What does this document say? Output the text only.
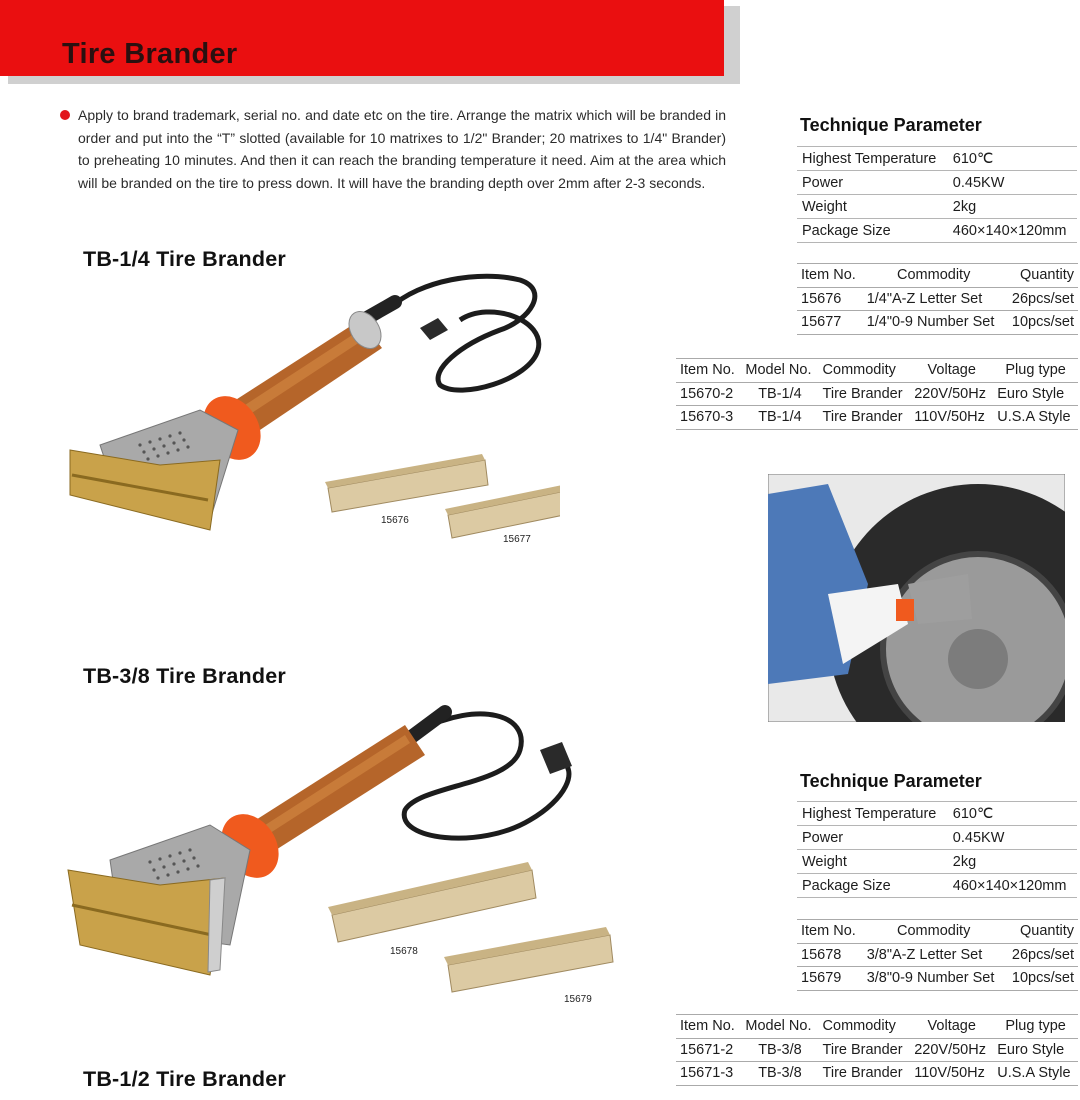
Tire Brander
Apply to brand trademark, serial no. and date etc on the tire. Arrange the matrix which will be branded in order and put into the “T” slotted (available for 10 matrixes to 1/2" Brander; 20 matrixes to 1/4" Brander) to preheating 10 minutes. And then it can reach the branding temperature it need. Aim at the area which will be branded on the tire to press down. It will have the branding depth over 2mm after 2-3 seconds.
TB-1/4 Tire Brander
TB-3/8 Tire Brander
TB-1/2 Tire Brander
Technique Parameter
Highest Temperature	610℃
Power	0.45KW
Weight	2kg
Package Size	460×140×120mm
Item No.	Commodity	Quantity
15676	1/4"A-Z Letter Set	26pcs/set
15677	1/4"0-9 Number Set	10pcs/set
Item No.	Model No.	Commodity	Voltage	Plug type
15670-2	TB-1/4	Tire Brander	220V/50Hz	Euro Style
15670-3	TB-1/4	Tire Brander	110V/50Hz	U.S.A Style
Technique Parameter
Highest Temperature	610℃
Power	0.45KW
Weight	2kg
Package Size	460×140×120mm
Item No.	Commodity	Quantity
15678	3/8"A-Z Letter Set	26pcs/set
15679	3/8"0-9 Number Set	10pcs/set
Item No.	Model No.	Commodity	Voltage	Plug type
15671-2	TB-3/8	Tire Brander	220V/50Hz	Euro Style
15671-3	TB-3/8	Tire Brander	110V/50Hz	U.S.A Style
15676
15677
15678
15679
